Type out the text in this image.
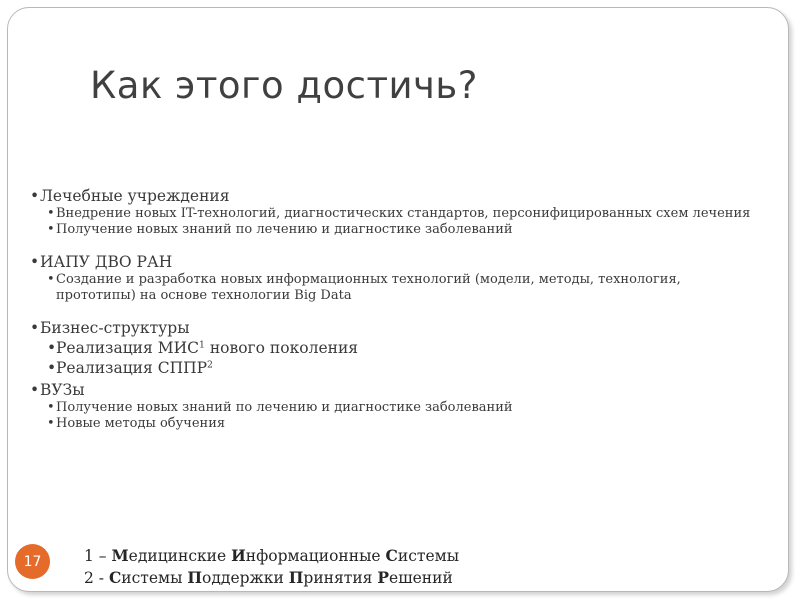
Как этого достичь?
•Лечебные учреждения
•Внедрение новых IT-технологий, диагностических стандартов, персонифицированных схем лечения
•Получение новых знаний по лечению и диагностике заболеваний
•ИАПУ ДВО РАН
•Создание и разработка новых информационных технологий (модели, методы, технология, прототипы) на основе технологии Big Data
•Бизнес-структуры
•Реализация МИС$^1$ нового поколения
•Реализация СППР$^2$
•ВУЗы
•Получение новых знаний по лечению и диагностике заболеваний
•Новые методы обучения
17	1 – Медицинские Информационные Системы
2 - Системы Поддержки Принятия Решений
